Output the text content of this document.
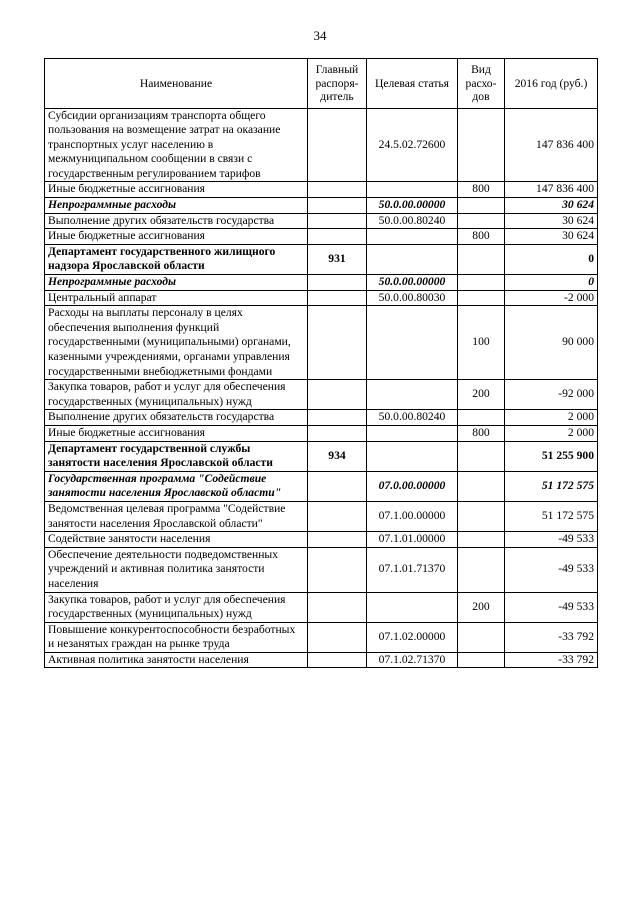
34
Наименование	Главный распоря-дитель	Целевая статья	Вид расхо-дов	2016 год (руб.)
Субсидии организациям транспорта общего пользования на возмещение затрат на оказание транспортных услуг населению в межмуниципальном сообщении в связи с государственным регулированием тарифов		24.5.02.72600		147 836 400
Иные бюджетные ассигнования			800	147 836 400
Непрограммные расходы		50.0.00.00000		30 624
Выполнение других обязательств государства		50.0.00.80240		30 624
Иные бюджетные ассигнования			800	30 624
Департамент государственного жилищного надзора Ярославской области	931			0
Непрограммные расходы		50.0.00.00000		0
Центральный аппарат		50.0.00.80030		-2 000
Расходы на выплаты персоналу в целях обеспечения выполнения функций государственными (муниципальными) органами, казенными учреждениями, органами управления государственными внебюджетными фондами			100	90 000
Закупка товаров, работ и услуг для обеспечения государственных (муниципальных) нужд			200	-92 000
Выполнение других обязательств государства		50.0.00.80240		2 000
Иные бюджетные ассигнования			800	2 000
Департамент государственной службы занятости населения Ярославской области	934			51 255 900
Государственная программа "Содействие занятости населения Ярославской области"		07.0.00.00000		51 172 575
Ведомственная целевая программа "Содействие занятости населения Ярославской области"		07.1.00.00000		51 172 575
Содействие занятости населения		07.1.01.00000		-49 533
Обеспечение деятельности подведомственных учреждений и активная политика занятости населения		07.1.01.71370		-49 533
Закупка товаров, работ и услуг для обеспечения государственных (муниципальных) нужд			200	-49 533
Повышение конкурентоспособности безработных и незанятых граждан на рынке труда		07.1.02.00000		-33 792
Активная политика занятости населения		07.1.02.71370		-33 792
